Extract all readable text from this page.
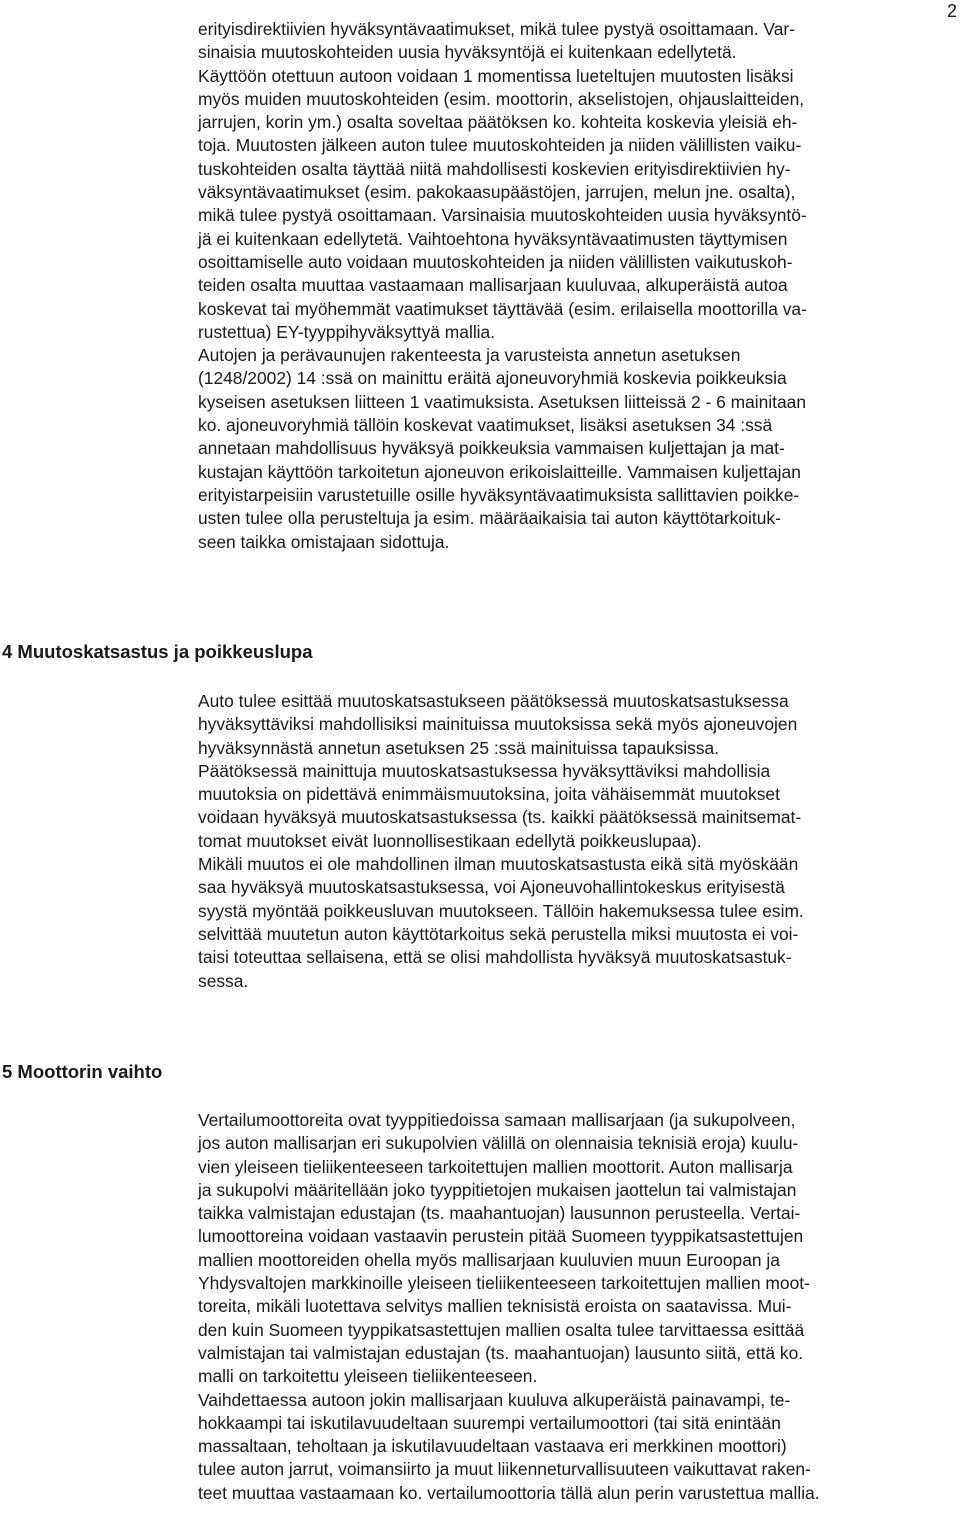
2
erityisdirektiivien hyväksyntävaatimukset, mikä tulee pystyä osoittamaan. Var-
sinaisia muutoskohteiden uusia hyväksyntöjä ei kuitenkaan edellytetä.
Käyttöön otettuun autoon voidaan 1 momentissa lueteltujen muutosten lisäksi
myös muiden muutoskohteiden (esim. moottorin, akselistojen, ohjauslaitteiden,
jarrujen, korin ym.) osalta soveltaa päätöksen ko. kohteita koskevia yleisiä eh-
toja. Muutosten jälkeen auton tulee muutoskohteiden ja niiden välillisten vaiku-
tuskohteiden osalta täyttää niitä mahdollisesti koskevien erityisdirektiivien hy-
väksyntävaatimukset (esim. pakokaasupäästöjen, jarrujen, melun jne. osalta),
mikä tulee pystyä osoittamaan. Varsinaisia muutoskohteiden uusia hyväksyntö-
jä ei kuitenkaan edellytetä. Vaihtoehtona hyväksyntävaatimusten täyttymisen
osoittamiselle auto voidaan muutoskohteiden ja niiden välillisten vaikutuskoh-
teiden osalta muuttaa vastaamaan mallisarjaan kuuluvaa, alkuperäistä autoa
koskevat tai myöhemmät vaatimukset täyttävää (esim. erilaisella moottorilla va-
rustettua) EY-tyyppihyväksyttyä mallia.
Autojen ja perävaunujen rakenteesta ja varusteista annetun asetuksen
(1248/2002) 14 :ssä on mainittu eräitä ajoneuvoryhmiä koskevia poikkeuksia
kyseisen asetuksen liitteen 1 vaatimuksista. Asetuksen liitteissä 2 - 6 mainitaan
ko. ajoneuvoryhmiä tällöin koskevat vaatimukset, lisäksi asetuksen 34 :ssä
annetaan mahdollisuus hyväksyä poikkeuksia vammaisen kuljettajan ja mat-
kustajan käyttöön tarkoitetun ajoneuvon erikoislaitteille. Vammaisen kuljettajan
erityistarpeisiin varustetuille osille hyväksyntävaatimuksista sallittavien poikke-
usten tulee olla perusteltuja ja esim. määräaikaisia tai auton käyttötarkoituk-
seen taikka omistajaan sidottuja.
4 Muutoskatsastus ja poikkeuslupa
Auto tulee esittää muutoskatsastukseen päätöksessä muutoskatsastuksessa
hyväksyttäviksi mahdollisiksi mainituissa muutoksissa sekä myös ajoneuvojen
hyväksynnästä annetun asetuksen 25 :ssä mainituissa tapauksissa.
Päätöksessä mainittuja muutoskatsastuksessa hyväksyttäviksi mahdollisia
muutoksia on pidettävä enimmäismuutoksina, joita vähäisemmät muutokset
voidaan hyväksyä muutoskatsastuksessa (ts. kaikki päätöksessä mainitsemat-
tomat muutokset eivät luonnollisestikaan edellytä poikkeuslupaa).
Mikäli muutos ei ole mahdollinen ilman muutoskatsastusta eikä sitä myöskään
saa hyväksyä muutoskatsastuksessa, voi Ajoneuvohallintokeskus erityisestä
syystä myöntää poikkeusluvan muutokseen. Tällöin hakemuksessa tulee esim.
selvittää muutetun auton käyttötarkoitus sekä perustella miksi muutosta ei voi-
taisi toteuttaa sellaisena, että se olisi mahdollista hyväksyä muutoskatsastuk-
sessa.
5 Moottorin vaihto
Vertailumoottoreita ovat tyyppitiedoissa samaan mallisarjaan (ja sukupolveen,
jos auton mallisarjan eri sukupolvien välillä on olennaisia teknisiä eroja) kuulu-
vien yleiseen tieliikenteeseen tarkoitettujen mallien moottorit. Auton mallisarja
ja sukupolvi määritellään joko tyyppitietojen mukaisen jaottelun tai valmistajan
taikka valmistajan edustajan (ts. maahantuojan) lausunnon perusteella. Vertai-
lumoottoreina voidaan vastaavin perustein pitää Suomeen tyyppikatsastettujen
mallien moottoreiden ohella myös mallisarjaan kuuluvien muun Euroopan ja
Yhdysvaltojen markkinoille yleiseen tieliikenteeseen tarkoitettujen mallien moot-
toreita, mikäli luotettava selvitys mallien teknisistä eroista on saatavissa. Mui-
den kuin Suomeen tyyppikatsastettujen mallien osalta tulee tarvittaessa esittää
valmistajan tai valmistajan edustajan (ts. maahantuojan) lausunto siitä, että ko.
malli on tarkoitettu yleiseen tieliikenteeseen.
Vaihdettaessa autoon jokin mallisarjaan kuuluva alkuperäistä painavampi, te-
hokkaampi tai iskutilavuudeltaan suurempi vertailumoottori (tai sitä enintään
massaltaan, teholtaan ja iskutilavuudeltaan vastaava eri merkkinen moottori)
tulee auton jarrut, voimansiirto ja muut liikenneturvallisuuteen vaikuttavat raken-
teet muuttaa vastaamaan ko. vertailumoottoria tällä alun perin varustettua mallia.
